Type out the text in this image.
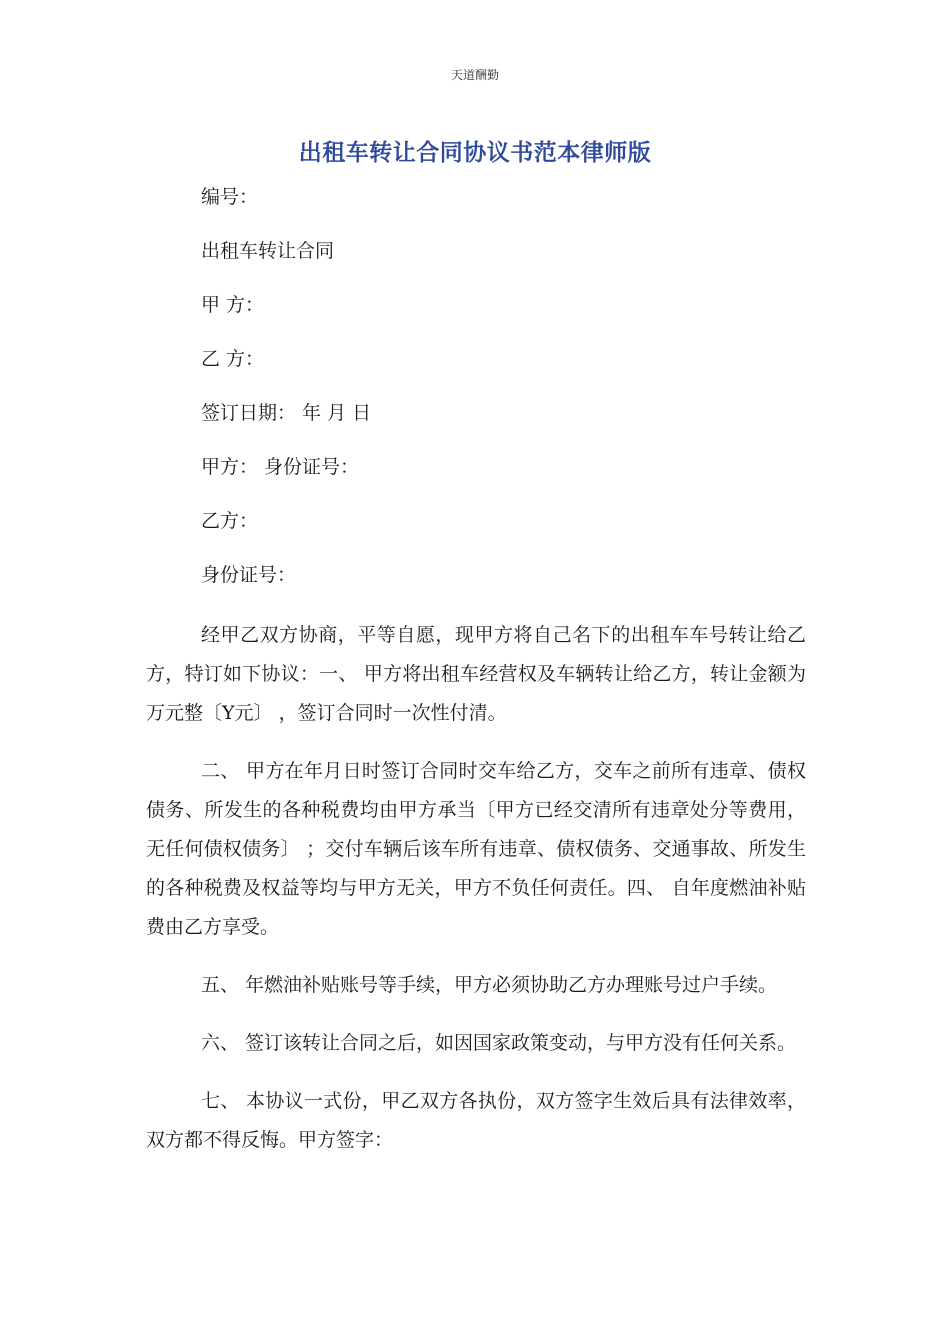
天道酬勤
出租车转让合同协议书范本律师版
编号：
出租车转让合同
甲 方：
乙 方：
签订日期： 年 月 日
甲方： 身份证号：
乙方：
身份证号：

经甲乙双方协商，平等自愿，现甲方将自己名下的出租车车号转让给乙方，特订如下协议：一、 甲方将出租车经营权及车辆转让给乙方，转让金额为万元整〔Y元〕 ，签订合同时一次性付清。

二、 甲方在年月日时签订合同时交车给乙方，交车之前所有违章、债权债务、所发生的各种税费均由甲方承当〔甲方已经交清所有违章处分等费用，无任何债权债务〕 ；交付车辆后该车所有违章、债权债务、交通事故、所发生的各种税费及权益等均与甲方无关，甲方不负任何责任。四、 自年度燃油补贴费由乙方享受。

五、 年燃油补贴账号等手续，甲方必须协助乙方办理账号过户手续。

六、 签订该转让合同之后，如因国家政策变动，与甲方没有任何关系。

七、 本协议一式份，甲乙双方各执份，双方签字生效后具有法律效率，双方都不得反悔。甲方签字：
